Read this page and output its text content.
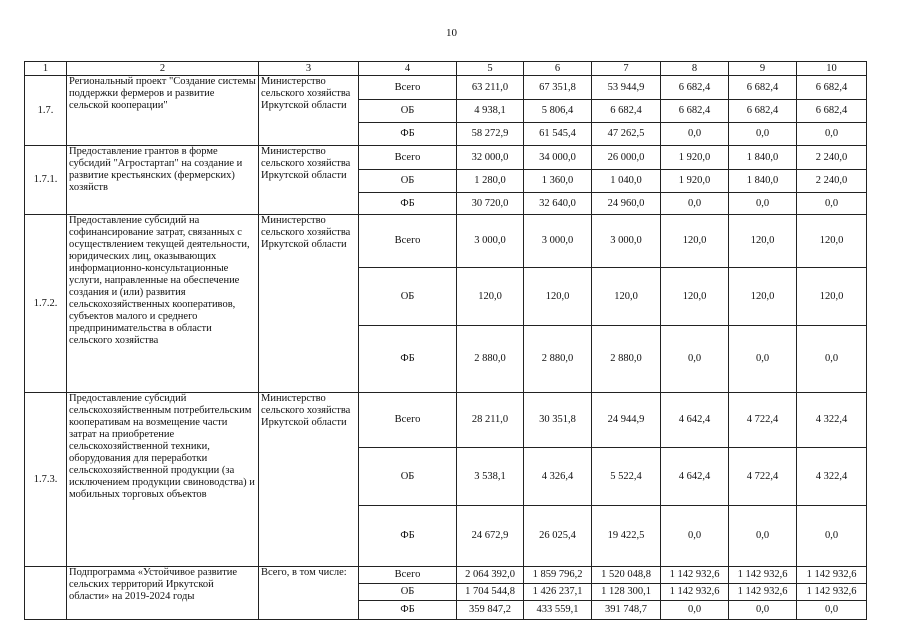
10
1	2	3	4	5	6	7	8	9	10
1.7.	Региональный проект "Создание системы поддержки фермеров и развитие сельской кооперации"	Министерство сельского хозяйства Иркутской области	Всего	63 211,0	67 351,8	53 944,9	6 682,4	6 682,4	6 682,4
			ОБ	4 938,1	5 806,4	6 682,4	6 682,4	6 682,4	6 682,4
			ФБ	58 272,9	61 545,4	47 262,5	0,0	0,0	0,0
1.7.1.	Предоставление грантов в форме субсидий "Агростартап" на создание и развитие крестьянских (фермерских) хозяйств	Министерство сельского хозяйства Иркутской области	Всего	32 000,0	34 000,0	26 000,0	1 920,0	1 840,0	2 240,0
			ОБ	1 280,0	1 360,0	1 040,0	1 920,0	1 840,0	2 240,0
			ФБ	30 720,0	32 640,0	24 960,0	0,0	0,0	0,0
1.7.2.	Предоставление субсидий на софинансирование затрат, связанных с осуществлением текущей деятельности, юридических лиц, оказывающих информационно-консультационные услуги, направленные на обеспечение создания и (или) развития сельскохозяйственных кооперативов, субъектов малого и среднего предпринимательства в области сельского хозяйства	Министерство сельского хозяйства Иркутской области	Всего	3 000,0	3 000,0	3 000,0	120,0	120,0	120,0
			ОБ	120,0	120,0	120,0	120,0	120,0	120,0
			ФБ	2 880,0	2 880,0	2 880,0	0,0	0,0	0,0
1.7.3.	Предоставление субсидий сельскохозяйственным потребительским кооперативам на возмещение части затрат на приобретение сельскохозяйственной техники, оборудования для переработки сельскохозяйственной продукции (за исключением продукции свиноводства) и мобильных торговых объектов	Министерство сельского хозяйства Иркутской области	Всего	28 211,0	30 351,8	24 944,9	4 642,4	4 722,4	4 322,4
			ОБ	3 538,1	4 326,4	5 522,4	4 642,4	4 722,4	4 322,4
			ФБ	24 672,9	26 025,4	19 422,5	0,0	0,0	0,0
	Подпрограмма «Устойчивое развитие сельских территорий Иркутской области» на 2019-2024 годы	Всего, в том числе:	Всего	2 064 392,0	1 859 796,2	1 520 048,8	1 142 932,6	1 142 932,6	1 142 932,6
			ОБ	1 704 544,8	1 426 237,1	1 128 300,1	1 142 932,6	1 142 932,6	1 142 932,6
			ФБ	359 847,2	433 559,1	391 748,7	0,0	0,0	0,0
